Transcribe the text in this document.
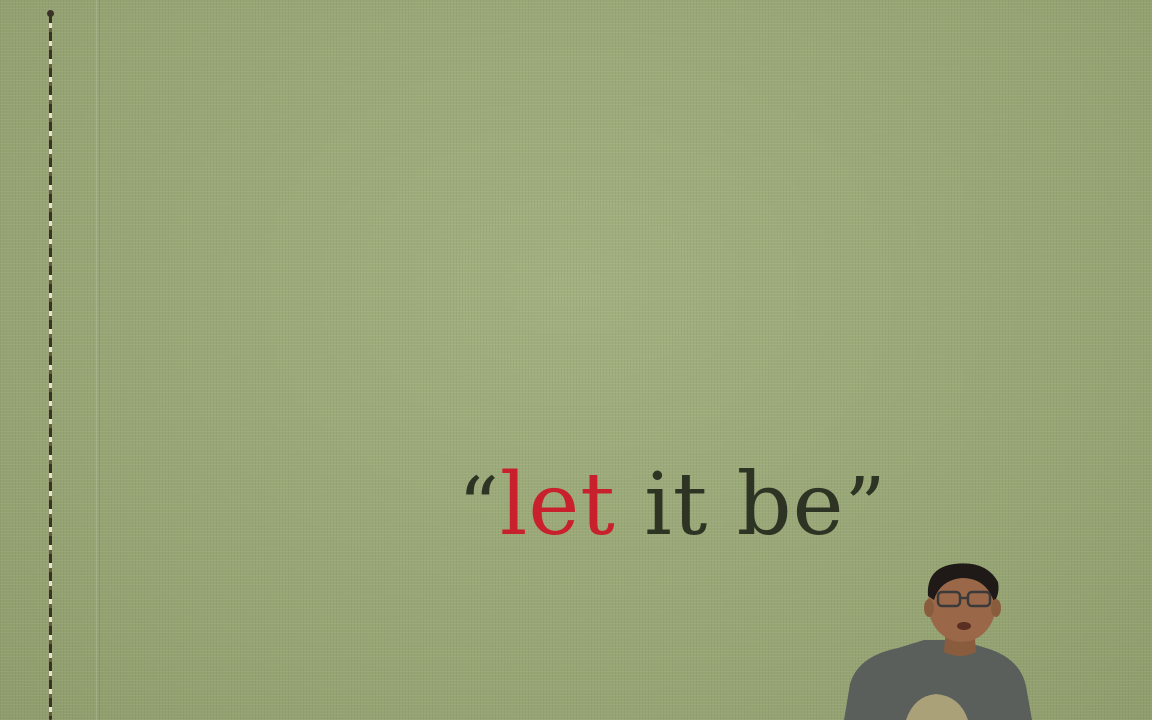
“let it be”
